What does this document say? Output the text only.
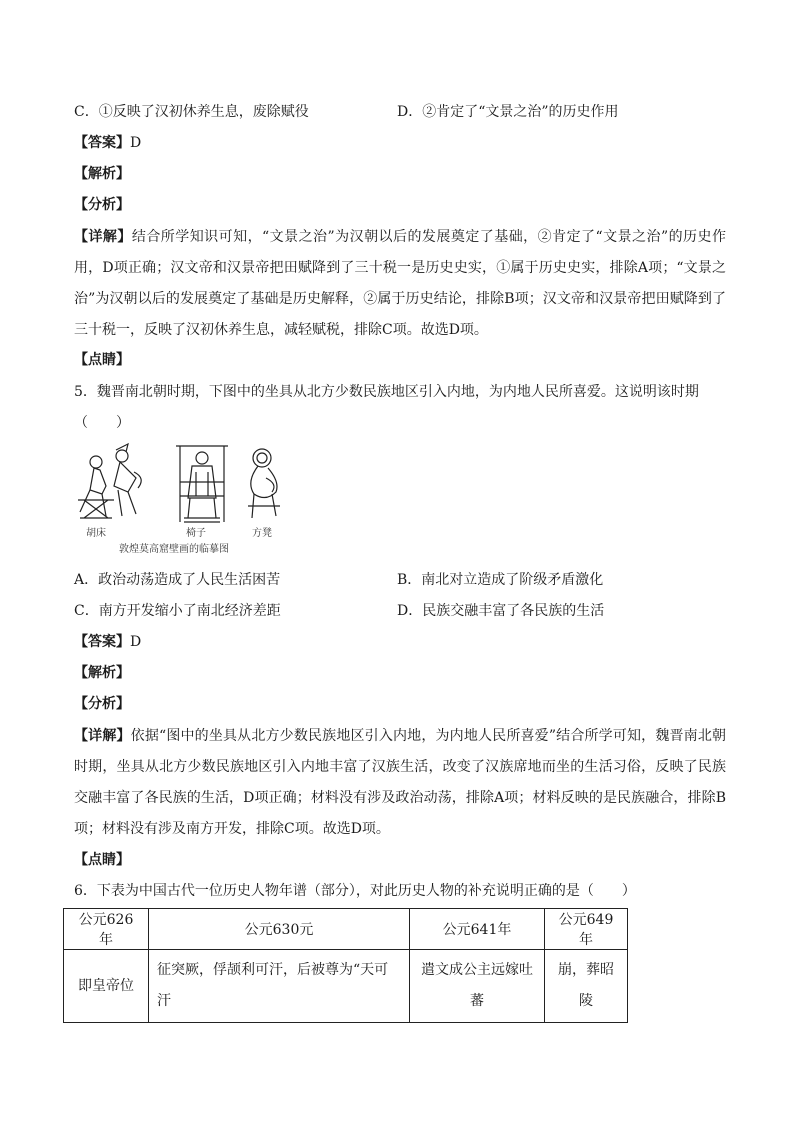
C．①反映了汉初休养生息，废除赋役	D．②肯定了“文景之治”的历史作用
【答案】D
【解析】
【分析】
【详解】结合所学知识可知，“文景之治”为汉朝以后的发展奠定了基础，②肯定了“文景之治”的历史作用，D项正确；汉文帝和汉景帝把田赋降到了三十税一是历史史实，①属于历史史实，排除A项；“文景之治”为汉朝以后的发展奠定了基础是历史解释，②属于历史结论，排除B项；汉文帝和汉景帝把田赋降到了三十税一，反映了汉初休养生息，减轻赋税，排除C项。故选D项。
【点睛】
5．魏晋南北朝时期，下图中的坐具从北方少数民族地区引入内地，为内地人民所喜爱。这说明该时期
（　　）
胡床	椅子	方凳
敦煌莫高窟壁画的临摹图
A．政治动荡造成了人民生活困苦	B．南北对立造成了阶级矛盾激化
C．南方开发缩小了南北经济差距	D．民族交融丰富了各民族的生活
【答案】D
【解析】
【分析】
【详解】依据“图中的坐具从北方少数民族地区引入内地，为内地人民所喜爱”结合所学可知，魏晋南北朝时期，坐具从北方少数民族地区引入内地丰富了汉族生活，改变了汉族席地而坐的生活习俗，反映了民族交融丰富了各民族的生活，D项正确；材料没有涉及政治动荡，排除A项；材料反映的是民族融合，排除B项；材料没有涉及南方开发，排除C项。故选D项。
【点睛】
6．下表为中国古代一位历史人物年谱（部分），对此历史人物的补充说明正确的是（　　）
公元626年	公元630元	公元641年	公元649年
即皇帝位	征突厥，俘颉利可汗，后被尊为“天可汗	遣文成公主远嫁吐蕃	崩，葬昭陵
